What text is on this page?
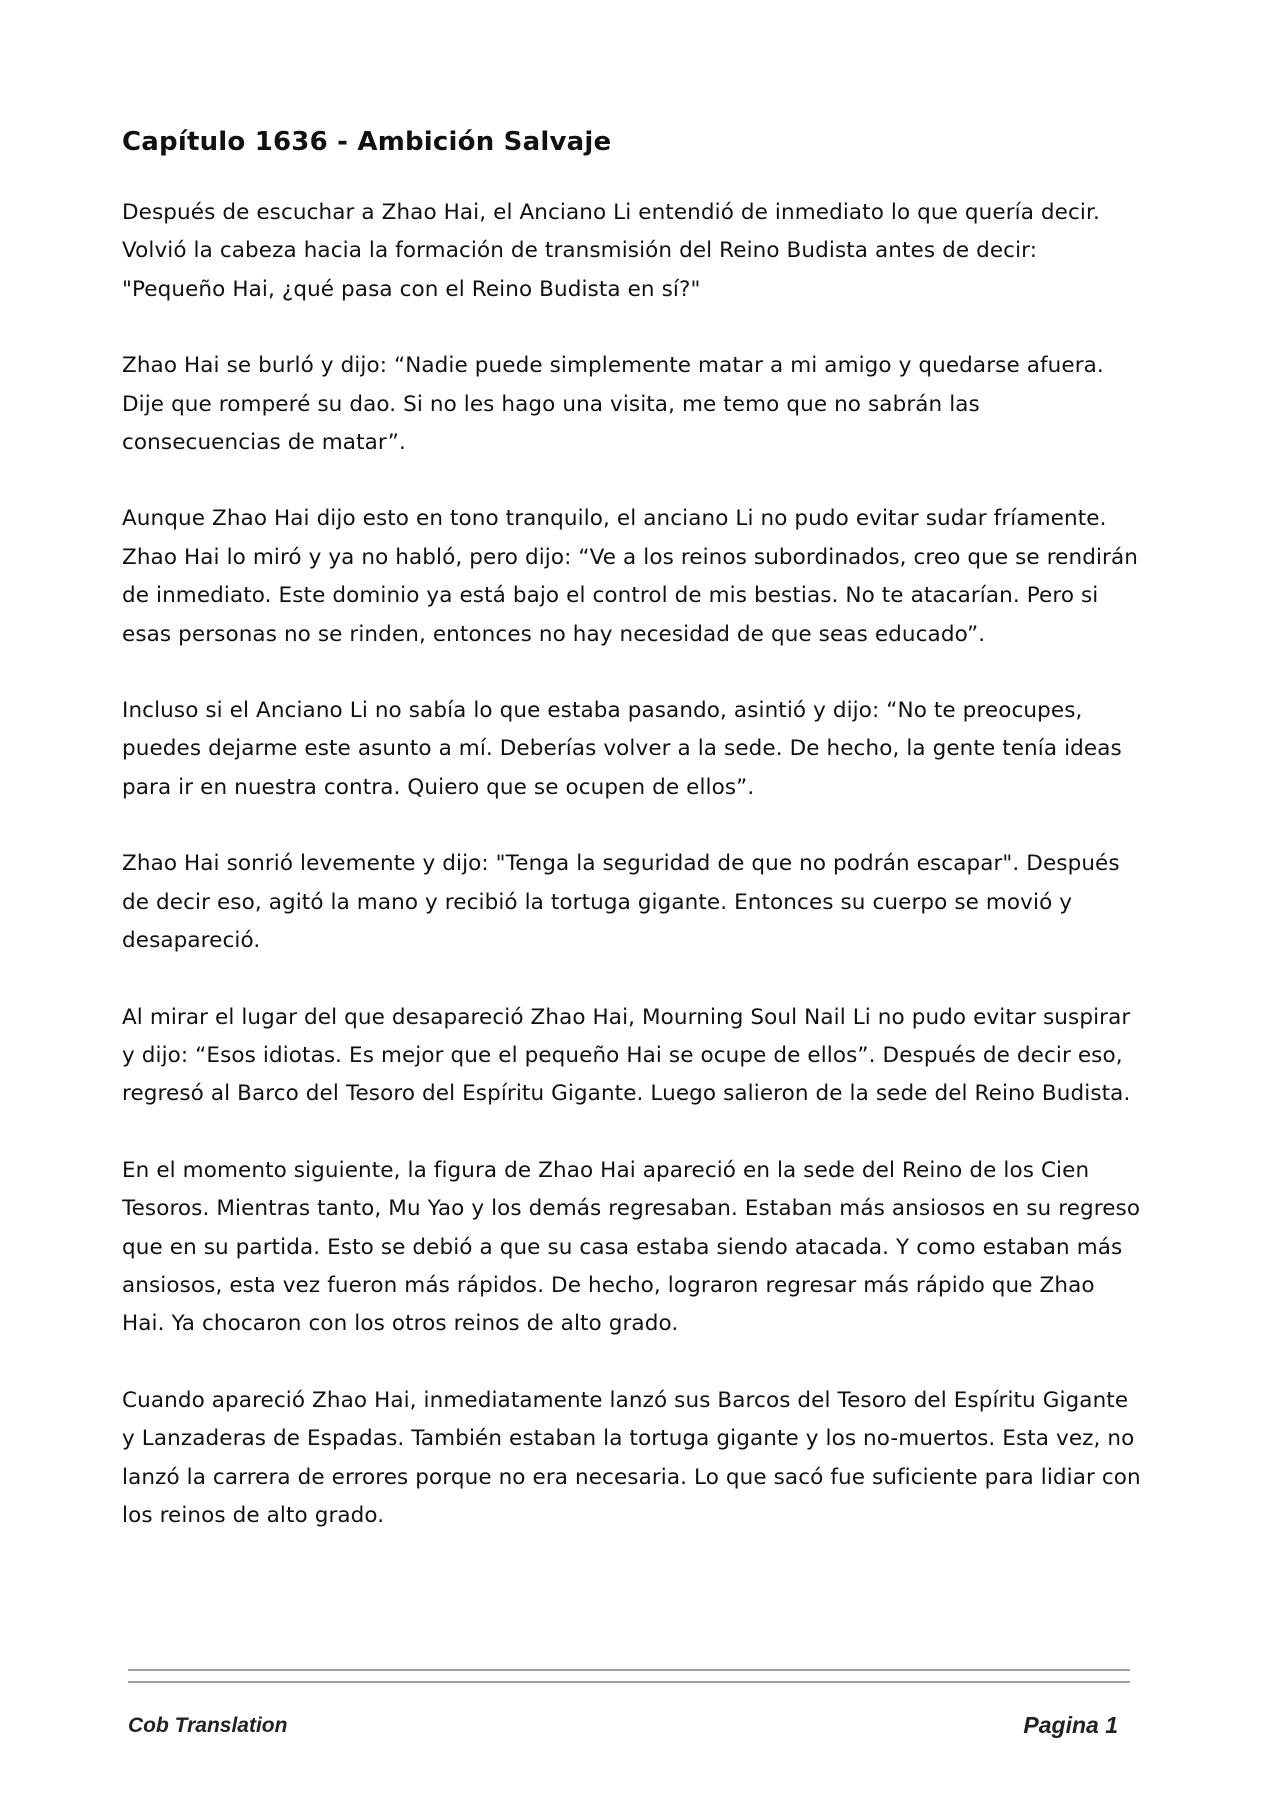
Capítulo 1636 - Ambición Salvaje

Después de escuchar a Zhao Hai, el Anciano Li entendió de inmediato lo que quería decir. Volvió la cabeza hacia la formación de transmisión del Reino Budista antes de decir: "Pequeño Hai, ¿qué pasa con el Reino Budista en sí?"

Zhao Hai se burló y dijo: “Nadie puede simplemente matar a mi amigo y quedarse afuera. Dije que romperé su dao. Si no les hago una visita, me temo que no sabrán las consecuencias de matar”.

Aunque Zhao Hai dijo esto en tono tranquilo, el anciano Li no pudo evitar sudar fríamente. Zhao Hai lo miró y ya no habló, pero dijo: “Ve a los reinos subordinados, creo que se rendirán de inmediato. Este dominio ya está bajo el control de mis bestias. No te atacarían. Pero si esas personas no se rinden, entonces no hay necesidad de que seas educado”.

Incluso si el Anciano Li no sabía lo que estaba pasando, asintió y dijo: “No te preocupes, puedes dejarme este asunto a mí. Deberías volver a la sede. De hecho, la gente tenía ideas para ir en nuestra contra. Quiero que se ocupen de ellos”.

Zhao Hai sonrió levemente y dijo: "Tenga la seguridad de que no podrán escapar". Después de decir eso, agitó la mano y recibió la tortuga gigante. Entonces su cuerpo se movió y desapareció.

Al mirar el lugar del que desapareció Zhao Hai, Mourning Soul Nail Li no pudo evitar suspirar y dijo: “Esos idiotas. Es mejor que el pequeño Hai se ocupe de ellos”. Después de decir eso, regresó al Barco del Tesoro del Espíritu Gigante. Luego salieron de la sede del Reino Budista.

En el momento siguiente, la figura de Zhao Hai apareció en la sede del Reino de los Cien Tesoros. Mientras tanto, Mu Yao y los demás regresaban. Estaban más ansiosos en su regreso que en su partida. Esto se debió a que su casa estaba siendo atacada. Y como estaban más ansiosos, esta vez fueron más rápidos. De hecho, lograron regresar más rápido que Zhao Hai. Ya chocaron con los otros reinos de alto grado.

Cuando apareció Zhao Hai, inmediatamente lanzó sus Barcos del Tesoro del Espíritu Gigante y Lanzaderas de Espadas. También estaban la tortuga gigante y los no-muertos. Esta vez, no lanzó la carrera de errores porque no era necesaria. Lo que sacó fue suficiente para lidiar con los reinos de alto grado.

Cob Translation	Pagina 1
